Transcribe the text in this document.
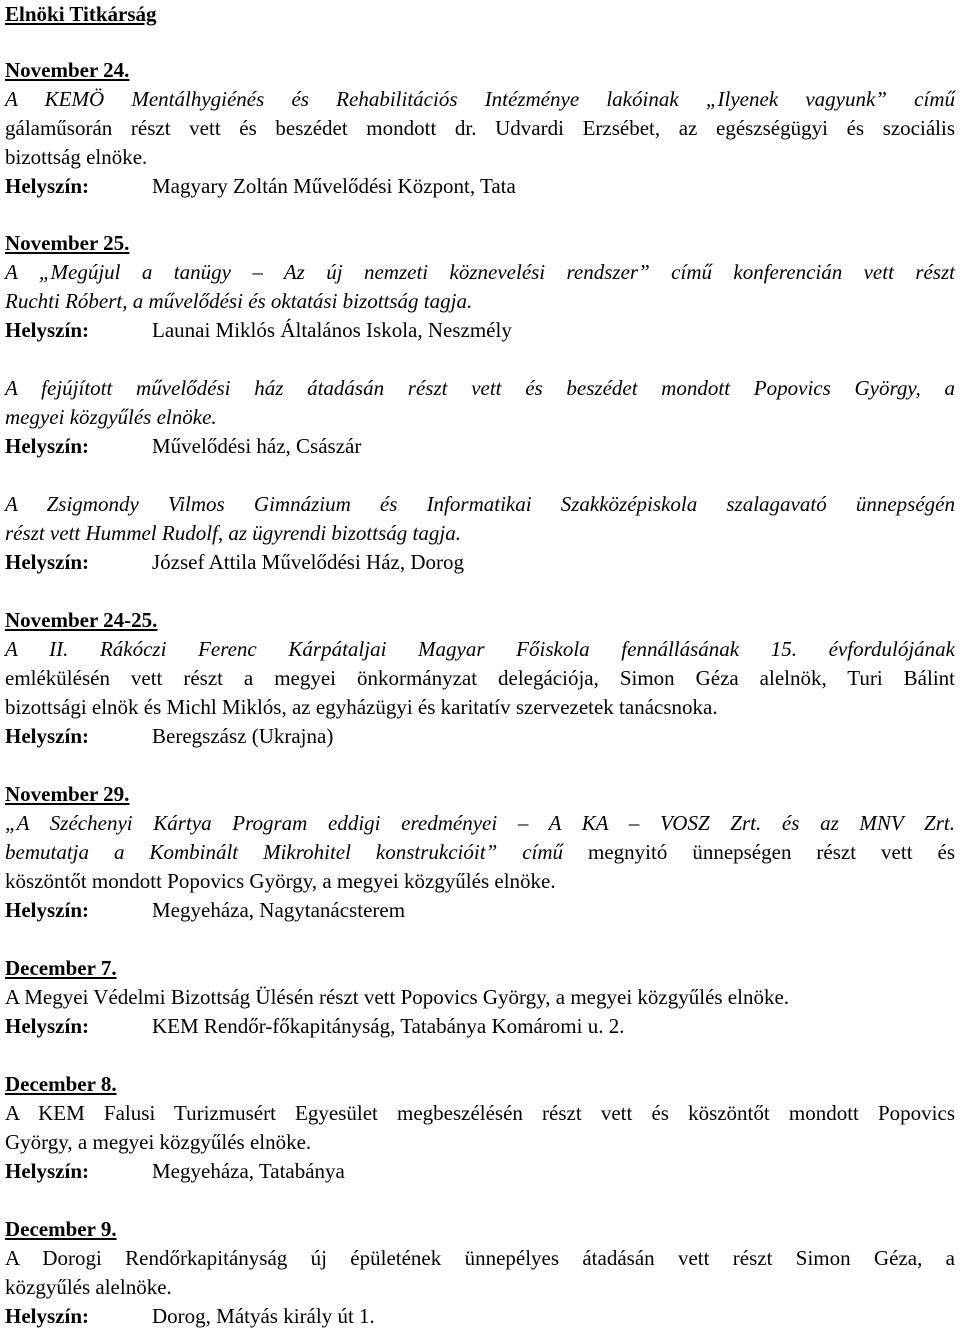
Elnöki Titkárság
November 24.
A KEMÖ Mentálhygiénés és Rehabilitációs Intézménye lakóinak „Ilyenek vagyunk” című
gálaműsorán részt vett és beszédet mondott dr. Udvardi Erzsébet, az egészségügyi és szociális
bizottság elnöke.
Helyszín:	Magyary Zoltán Művelődési Központ, Tata
November 25.
A „Megújul a tanügy – Az új nemzeti köznevelési rendszer” című konferencián vett részt
Ruchti Róbert, a művelődési és oktatási bizottság tagja.
Helyszín:	Launai Miklós Általános Iskola, Neszmély
A fejújított művelődési ház átadásán részt vett és beszédet mondott Popovics György, a
megyei közgyűlés elnöke.
Helyszín:	Művelődési ház, Császár
A Zsigmondy Vilmos Gimnázium és Informatikai Szakközépiskola szalagavató ünnepségén
részt vett Hummel Rudolf, az ügyrendi bizottság tagja.
Helyszín:	József Attila Művelődési Ház, Dorog
November 24-25.
A II. Rákóczi Ferenc Kárpátaljai Magyar Főiskola fennállásának 15. évfordulójának
emlékülésén vett részt a megyei önkormányzat delegációja, Simon Géza alelnök, Turi Bálint
bizottsági elnök és Michl Miklós, az egyházügyi és karitatív szervezetek tanácsnoka.
Helyszín:	Beregszász (Ukrajna)
November 29.
„A Széchenyi Kártya Program eddigi eredményei – A KA – VOSZ Zrt. és az MNV Zrt.
bemutatja a Kombinált Mikrohitel konstrukcióit” című megnyitó ünnepségen részt vett és
köszöntőt mondott Popovics György, a megyei közgyűlés elnöke.
Helyszín:	Megyeháza, Nagytanácsterem
December 7.
A Megyei Védelmi Bizottság Ülésén részt vett Popovics György, a megyei közgyűlés elnöke.
Helyszín:	KEM Rendőr-főkapitányság, Tatabánya Komáromi u. 2.
December 8.
A KEM Falusi Turizmusért Egyesület megbeszélésén részt vett és köszöntőt mondott Popovics
György, a megyei közgyűlés elnöke.
Helyszín:	Megyeháza, Tatabánya
December 9.
A Dorogi Rendőrkapitányság új épületének ünnepélyes átadásán vett részt Simon Géza, a
közgyűlés alelnöke.
Helyszín:	Dorog, Mátyás király út 1.
